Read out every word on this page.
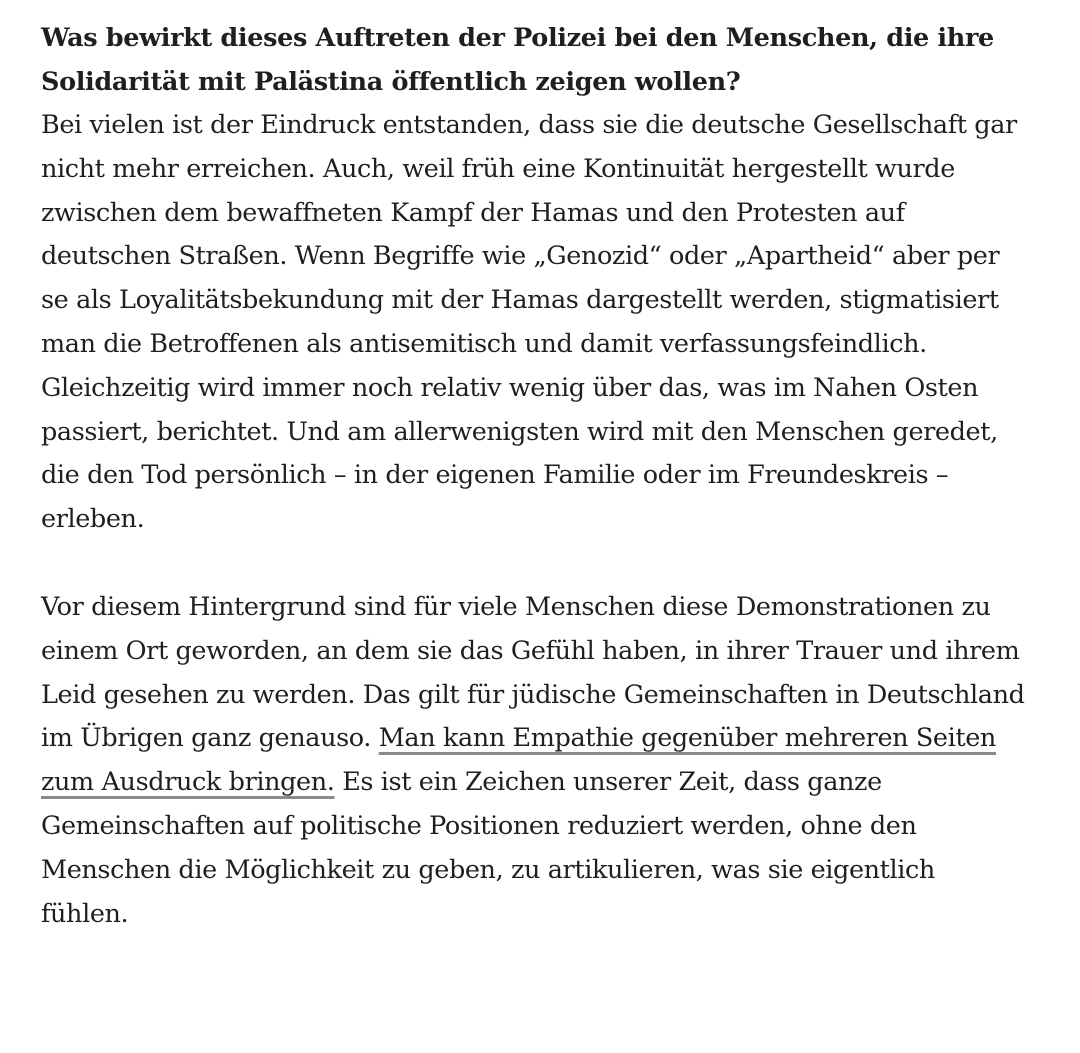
Was bewirkt dieses Auftreten der Polizei bei den Menschen, die ihre Solidarität mit Palästina öffentlich zeigen wollen?

Bei vielen ist der Eindruck entstanden, dass sie die deutsche Gesellschaft gar nicht mehr erreichen. Auch, weil früh eine Kontinuität hergestellt wurde zwischen dem bewaffneten Kampf der Hamas und den Protesten auf deutschen Straßen. Wenn Begriffe wie „Genozid“ oder „Apartheid“ aber per se als Loyalitätsbekundung mit der Hamas dargestellt werden, stigmatisiert man die Betroffenen als antisemitisch und damit verfassungsfeindlich. Gleichzeitig wird immer noch relativ wenig über das, was im Nahen Osten passiert, berichtet. Und am allerwenigsten wird mit den Menschen geredet, die den Tod persönlich – in der eigenen Familie oder im Freundeskreis – erleben.

Vor diesem Hintergrund sind für viele Menschen diese Demonstrationen zu einem Ort geworden, an dem sie das Gefühl haben, in ihrer Trauer und ihrem Leid gesehen zu werden. Das gilt für jüdische Gemeinschaften in Deutschland im Übrigen ganz genauso. Man kann Empathie gegenüber mehreren Seiten zum Ausdruck bringen. Es ist ein Zeichen unserer Zeit, dass ganze Gemeinschaften auf politische Positionen reduziert werden, ohne den Menschen die Möglichkeit zu geben, zu artikulieren, was sie eigentlich fühlen.
